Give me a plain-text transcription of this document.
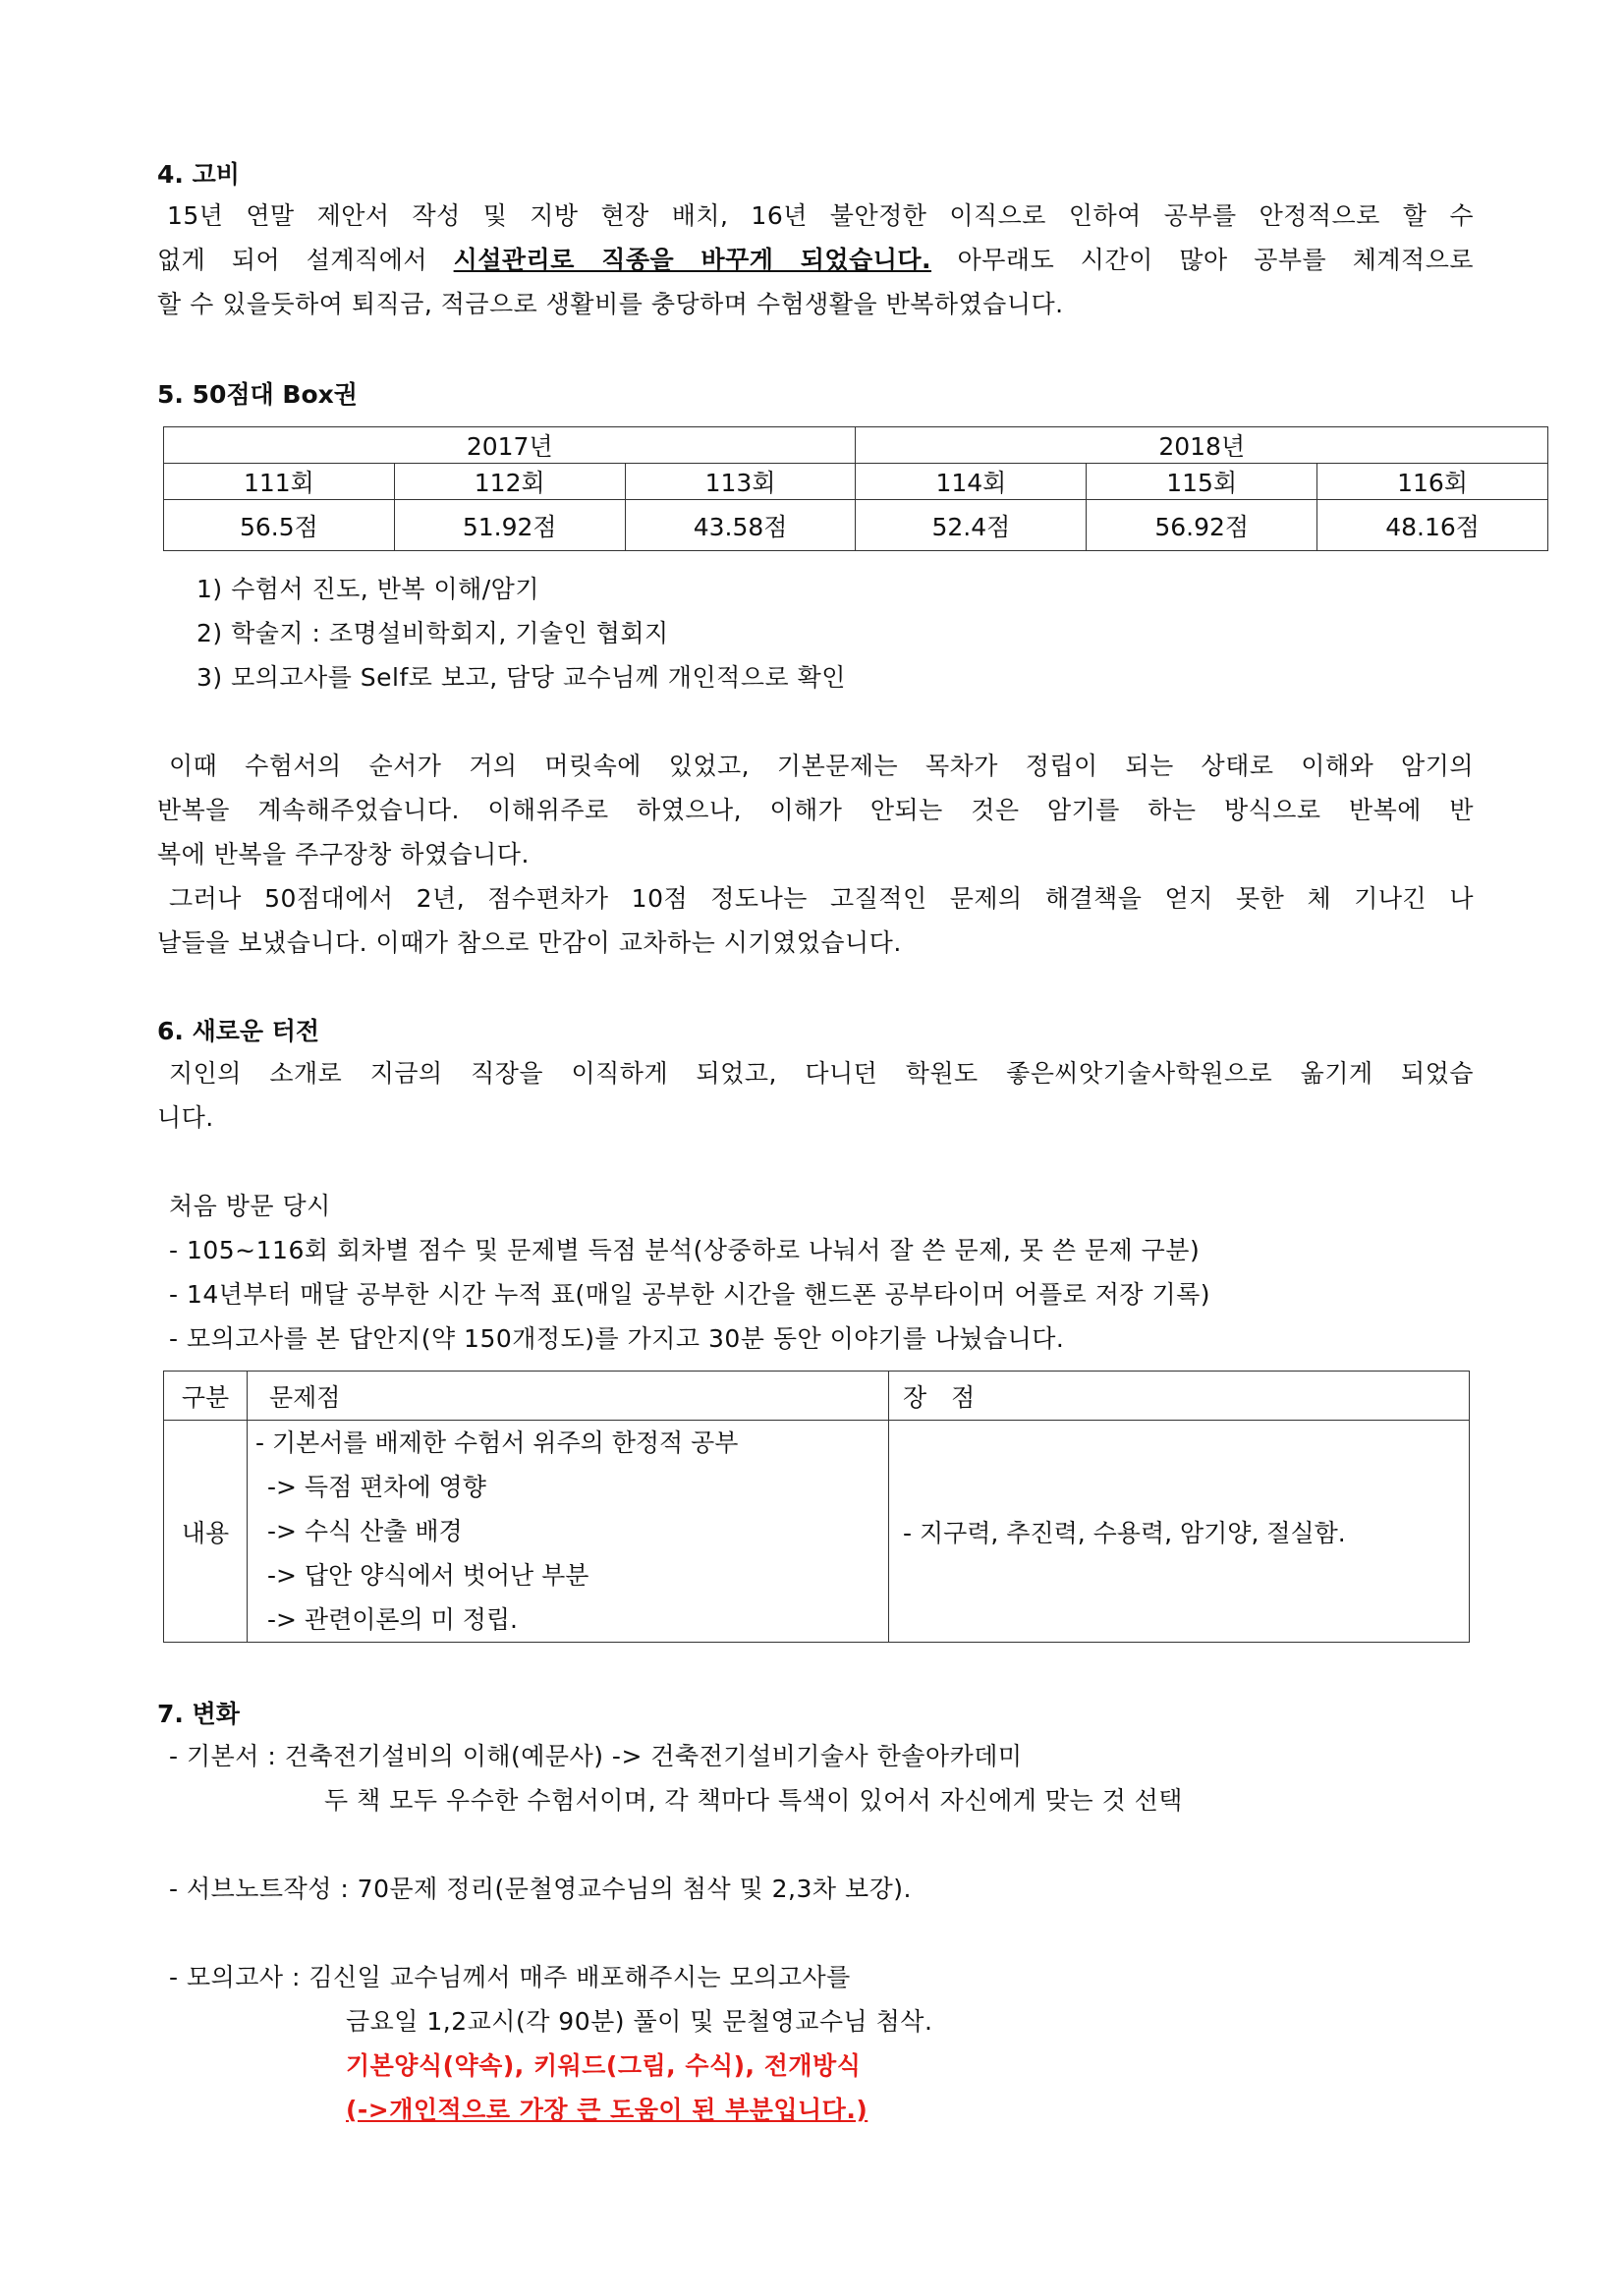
4. 고비
15년 연말 제안서 작성 및 지방 현장 배치, 16년 불안정한 이직으로 인하여 공부를 안정적으로 할 수
없게 되어 설계직에서 시설관리로 직종을 바꾸게 되었습니다. 아무래도 시간이 많아 공부를 체계적으로
할 수 있을듯하여 퇴직금, 적금으로 생활비를 충당하며 수험생활을 반복하였습니다.
5. 50점대 Box권
2017년			2018년		
111회	112회	113회	114회	115회	116회
56.5점	51.92점	43.58점	52.4점	56.92점	48.16점
1) 수험서 진도, 반복 이해/암기
2) 학술지 : 조명설비학회지, 기술인 협회지
3) 모의고사를 Self로 보고, 담당 교수님께 개인적으로 확인
이때 수험서의 순서가 거의 머릿속에 있었고, 기본문제는 목차가 정립이 되는 상태로 이해와 암기의
반복을 계속해주었습니다. 이해위주로 하였으나, 이해가 안되는 것은 암기를 하는 방식으로 반복에 반
복에 반복을 주구장창 하였습니다.
그러나 50점대에서 2년, 점수편차가 10점 정도나는 고질적인 문제의 해결책을 얻지 못한 체 기나긴 나
날들을 보냈습니다. 이때가 참으로 만감이 교차하는 시기였었습니다.
6. 새로운 터전
지인의 소개로 지금의 직장을 이직하게 되었고, 다니던 학원도 좋은씨앗기술사학원으로 옮기게 되었습
니다.
처음 방문 당시
- 105~116회 회차별 점수 및 문제별 득점 분석(상중하로 나눠서 잘 쓴 문제, 못 쓴 문제 구분)
- 14년부터 매달 공부한 시간 누적 표(매일 공부한 시간을 핸드폰 공부타이머 어플로 저장 기록)
- 모의고사를 본 답안지(약 150개정도)를 가지고 30분 동안 이야기를 나눴습니다.
구분	문제점	장　점
내용	- 기본서를 배제한 수험서 위주의 한정적 공부
-> 득점 편차에 영향
-> 수식 산출 배경
-> 답안 양식에서 벗어난 부분
-> 관련이론의 미 정립.	- 지구력, 추진력, 수용력, 암기양, 절실함.
7. 변화
- 기본서 : 건축전기설비의 이해(예문사) -> 건축전기설비기술사 한솔아카데미
두 책 모두 우수한 수험서이며, 각 책마다 특색이 있어서 자신에게 맞는 것 선택
- 서브노트작성 : 70문제 정리(문철영교수님의 첨삭 및 2,3차 보강).
- 모의고사 : 김신일 교수님께서 매주 배포해주시는 모의고사를
금요일 1,2교시(각 90분) 풀이 및 문철영교수님 첨삭.
기본양식(약속), 키워드(그림, 수식), 전개방식
(->개인적으로 가장 큰 도움이 된 부분입니다.)
